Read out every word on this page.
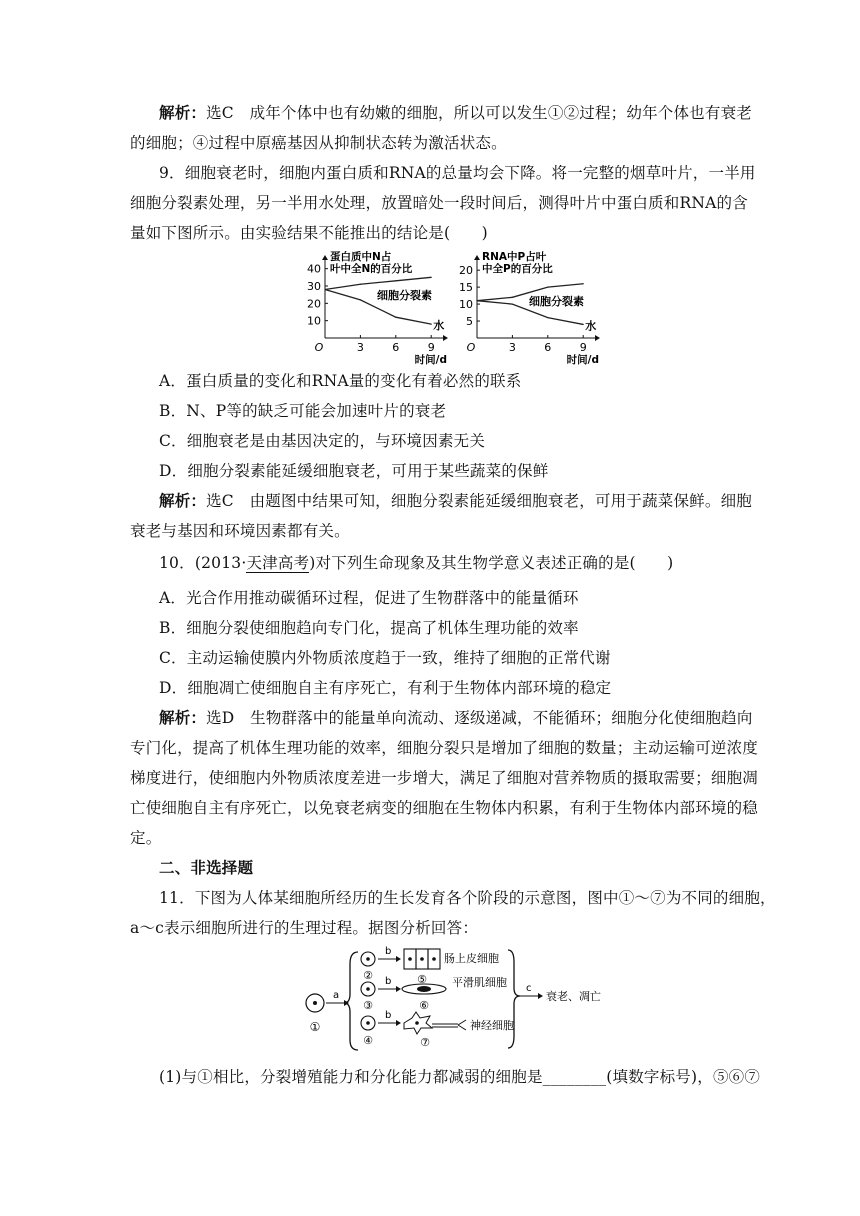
解析：选C　成年个体中也有幼嫩的细胞，所以可以发生①②过程；幼年个体也有衰老
的细胞；④过程中原癌基因从抑制状态转为激活状态。
9．细胞衰老时，细胞内蛋白质和RNA的总量均会下降。将一完整的烟草叶片，一半用
细胞分裂素处理，另一半用水处理，放置暗处一段时间后，测得叶片中蛋白质和RNA的含
量如下图所示。由实验结果不能推出的结论是(　　)
蛋白质中N占叶中全N的百分比
10
20
30
40
O	3	6	9
时间/d
细胞分裂素
水
RNA中P占叶中全P的百分比
5
10
15
20
O	3	6	9
时间/d
细胞分裂素
水
A．蛋白质量的变化和RNA量的变化有着必然的联系
B．N、P等的缺乏可能会加速叶片的衰老
C．细胞衰老是由基因决定的，与环境因素无关
D．细胞分裂素能延缓细胞衰老，可用于某些蔬菜的保鲜
解析：选C　由题图中结果可知，细胞分裂素能延缓细胞衰老，可用于蔬菜保鲜。细胞
衰老与基因和环境因素都有关。
10．(2013·天津高考)对下列生命现象及其生物学意义表述正确的是(　　)
A．光合作用推动碳循环过程，促进了生物群落中的能量循环
B．细胞分裂使细胞趋向专门化，提高了机体生理功能的效率
C．主动运输使膜内外物质浓度趋于一致，维持了细胞的正常代谢
D．细胞凋亡使细胞自主有序死亡，有利于生物体内部环境的稳定
解析：选D　生物群落中的能量单向流动、逐级递减，不能循环；细胞分化使细胞趋向
专门化，提高了机体生理功能的效率，细胞分裂只是增加了细胞的数量；主动运输可逆浓度
梯度进行，使细胞内外物质浓度差进一步增大，满足了细胞对营养物质的摄取需要；细胞凋
亡使细胞自主有序死亡，以免衰老病变的细胞在生物体内积累，有利于生物体内部环境的稳
定。
二、非选择题
11．下图为人体某细胞所经历的生长发育各个阶段的示意图，图中①～⑦为不同的细胞，
a～c表示细胞所进行的生理过程。据图分析回答：
①
a
②
③
④
b
b
b
⑤
肠上皮细胞
⑥
平滑肌细胞
⑦
神经细胞
c
衰老、凋亡
(1)与①相比，分裂增殖能力和分化能力都减弱的细胞是________(填数字标号)，⑤⑥⑦
